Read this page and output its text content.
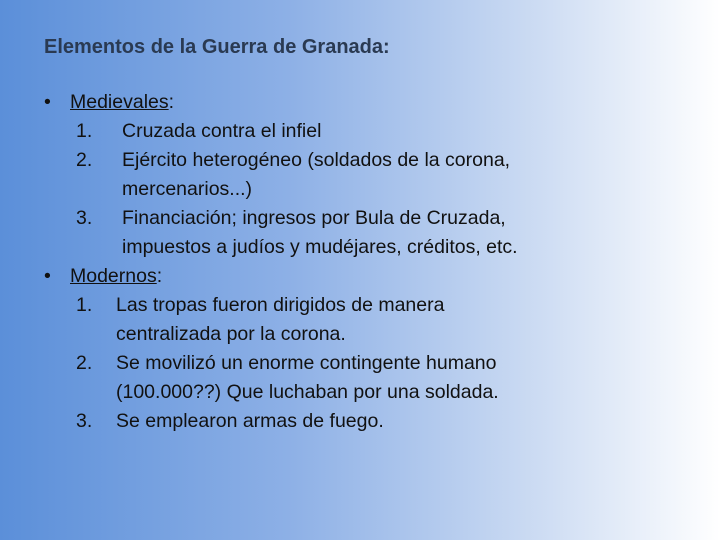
Elementos de la Guerra de Granada:
• Medievales:
1. Cruzada contra el infiel
2. Ejército heterogéneo (soldados de la corona,
mercenarios...)
3. Financiación; ingresos por Bula de Cruzada,
impuestos a judíos y mudéjares, créditos, etc.
• Modernos:
1. Las tropas fueron dirigidos de manera
centralizada por la corona.
2. Se movilizó un enorme contingente humano
(100.000??) Que luchaban por una soldada.
3. Se emplearon armas de fuego.
